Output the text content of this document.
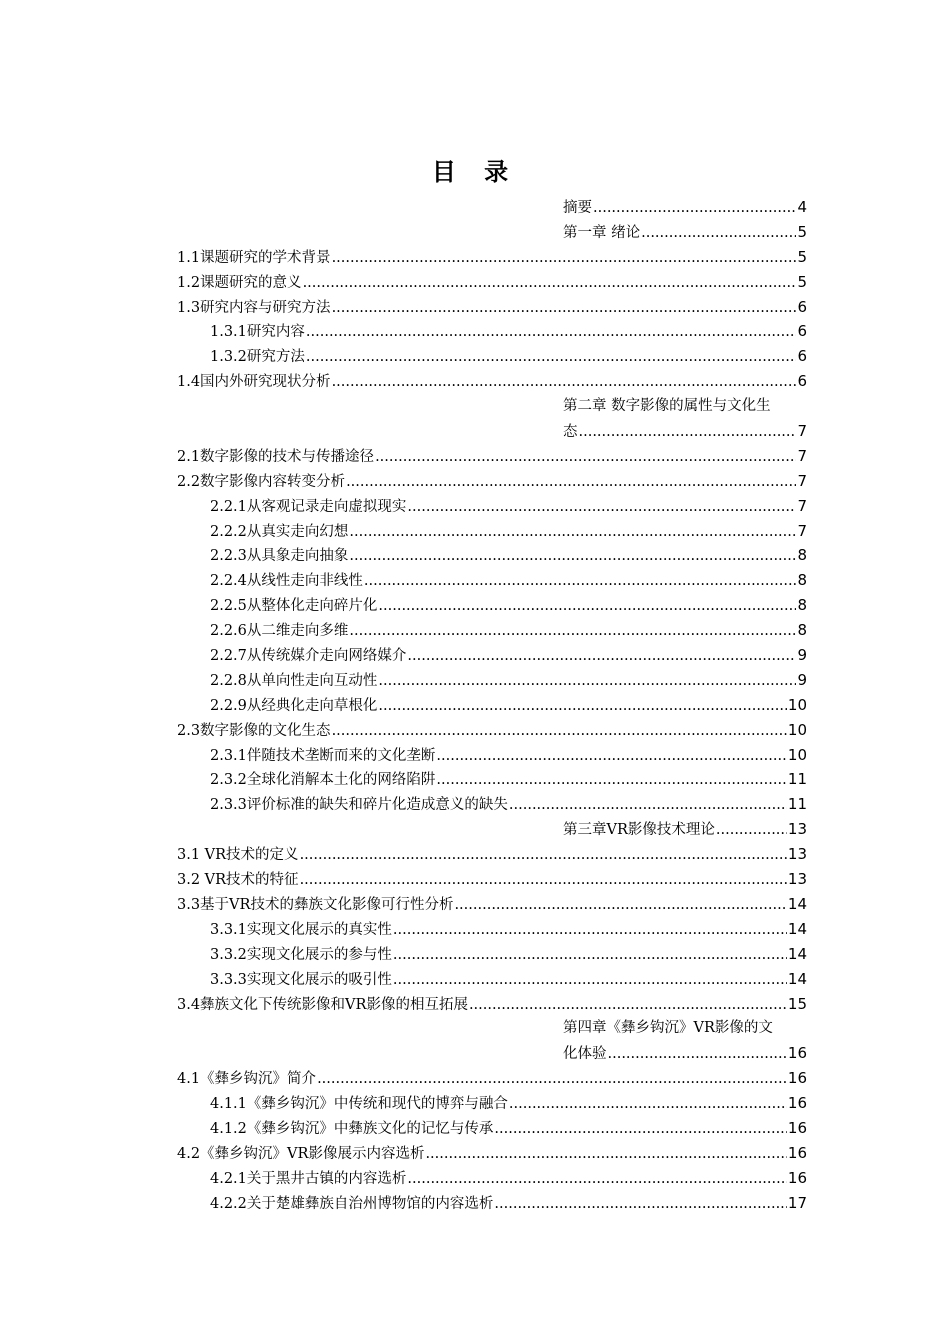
目 录
摘要 .....	4
第一章 绪论 .....	5
1.1课题研究的学术背景 .....	5
1.2课题研究的意义 .....	5
1.3研究内容与研究方法 .....	6
1.3.1研究内容 .....	6
1.3.2研究方法 .....	6
1.4国内外研究现状分析 .....	6
第二章 数字影像的属性与文化生
态 .....	7
2.1数字影像的技术与传播途径 .....	7
2.2数字影像内容转变分析 .....	7
2.2.1从客观记录走向虚拟现实 .....	7
2.2.2从真实走向幻想 .....	7
2.2.3从具象走向抽象 .....	8
2.2.4从线性走向非线性 .....	8
2.2.5从整体化走向碎片化 .....	8
2.2.6从二维走向多维 .....	8
2.2.7从传统媒介走向网络媒介 .....	9
2.2.8从单向性走向互动性 .....	9
2.2.9从经典化走向草根化 .....	10
2.3数字影像的文化生态 .....	10
2.3.1伴随技术垄断而来的文化垄断 .....	10
2.3.2全球化消解本土化的网络陷阱 .....	11
2.3.3评价标准的缺失和碎片化造成意义的缺失 .....	11
第三章VR影像技术理论 .....	13
3.1 VR技术的定义 .....	13
3.2 VR技术的特征 .....	13
3.3基于VR技术的彝族文化影像可行性分析 .....	14
3.3.1实现文化展示的真实性 .....	14
3.3.2实现文化展示的参与性 .....	14
3.3.3实现文化展示的吸引性 .....	14
3.4彝族文化下传统影像和VR影像的相互拓展 .....	15
第四章《彝乡钩沉》VR影像的文
化体验 .....	16
4.1《彝乡钩沉》简介 .....	16
4.1.1《彝乡钩沉》中传统和现代的博弈与融合 .....	16
4.1.2《彝乡钩沉》中彝族文化的记忆与传承 .....	16
4.2《彝乡钩沉》VR影像展示内容选析 .....	16
4.2.1关于黑井古镇的内容选析 .....	16
4.2.2关于楚雄彝族自治州博物馆的内容选析 .....	17
